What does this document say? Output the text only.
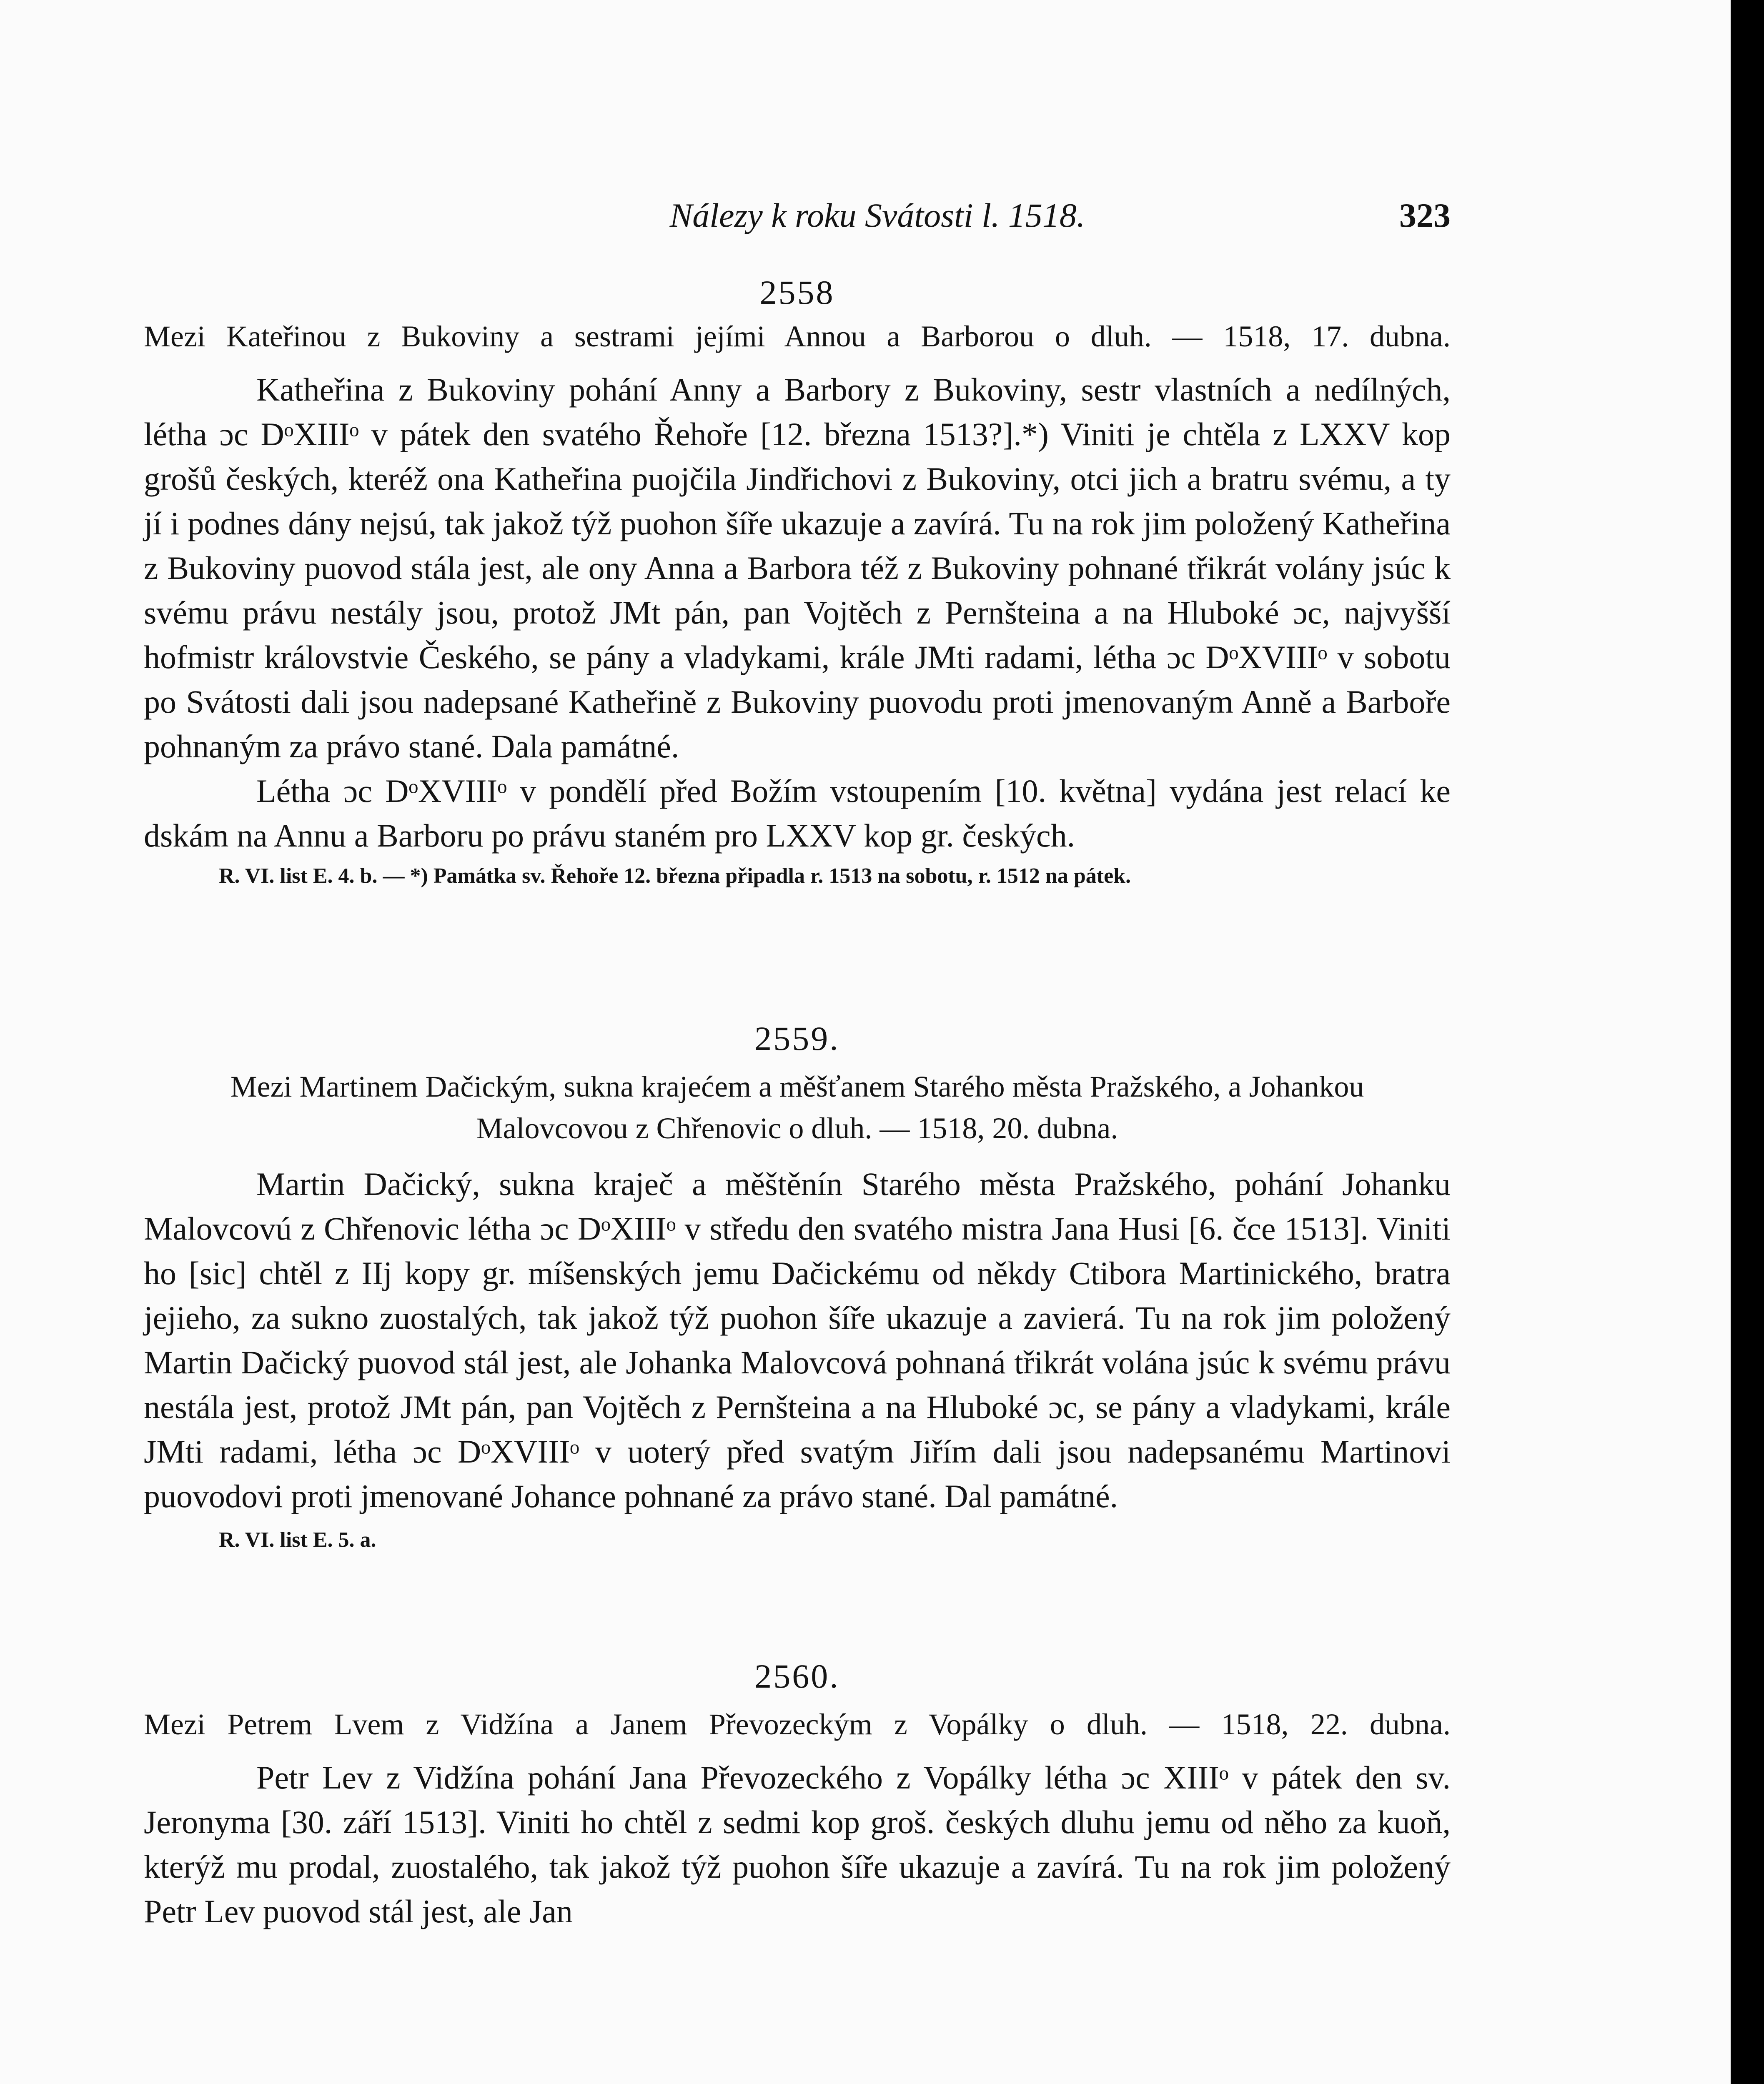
Nálezy k roku Svátosti l. 1518.	323
2558
Mezi Kateřinou z Bukoviny a sestrami jejími Annou a Barborou o dluh. — 1518, 17. dubna.

Katheřina z Bukoviny pohání Anny a Barbory z Bukoviny, sestr vlastních a nedílných, létha ɔc DᵒXIIIᵒ v pátek den svatého Řehoře [12. března 1513?].*) Viniti je chtěla z LXXV kop grošů českých, kteréž ona Katheřina puojčila Jindřichovi z Bukoviny, otci jich a bratru svému, a ty jí i podnes dány nejsú, tak jakož týž puohon šíře ukazuje a zavírá. Tu na rok jim položený Katheřina z Bukoviny puovod stála jest, ale ony Anna a Barbora též z Bukoviny pohnané třikrát volány jsúc k svému právu nestály jsou, protož JMt pán, pan Vojtěch z Pernšteina a na Hluboké ɔc, najvyšší hofmistr královstvie Českého, se pány a vladykami, krále JMti radami, létha ɔc DᵒXVIIIᵒ v sobotu po Svátosti dali jsou nadepsané Katheřině z Bukoviny puovodu proti jmenovaným Anně a Barboře pohnaným za právo stané. Dala památné.

Létha ɔc DᵒXVIIIᵒ v pondělí před Božím vstoupením [10. května] vydána jest relací ke dskám na Annu a Barboru po právu staném pro LXXV kop gr. českých.

R. VI. list E. 4. b. — *) Památka sv. Řehoře 12. března připadla r. 1513 na sobotu, r. 1512 na pátek.
2559.
Mezi Martinem Dačickým, sukna krajećem a měšťanem Starého města Pražského, a Johankou Malovcovou z Chřenovic o dluh. — 1518, 20. dubna.

Martin Dačický, sukna kraječ a měštěnín Starého města Pražského, pohání Johanku Malovcovú z Chřenovic létha ɔc DᵒXIIIᵒ v středu den svatého mistra Jana Husi [6. čce 1513]. Viniti ho [sic] chtěl z IIj kopy gr. míšenských jemu Dačickému od někdy Ctibora Martinického, bratra jejieho, za sukno zuostalých, tak jakož týž puohon šíře ukazuje a zavierá. Tu na rok jim položený Martin Dačický puovod stál jest, ale Johanka Malovcová pohnaná třikrát volána jsúc k svému právu nestála jest, protož JMt pán, pan Vojtěch z Pernšteina a na Hluboké ɔc, se pány a vladykami, krále JMti radami, létha ɔc DᵒXVIIIᵒ v uoterý před svatým Jiřím dali jsou nadepsanému Martinovi puovodovi proti jmenované Johance pohnané za právo stané. Dal památné.

R. VI. list E. 5. a.
2560.
Mezi Petrem Lvem z Vidžína a Janem Převozeckým z Vopálky o dluh. — 1518, 22. dubna.

Petr Lev z Vidžína pohání Jana Převozeckého z Vopálky létha ɔc XIIIᵒ v pátek den sv. Jeronyma [30. září 1513]. Viniti ho chtěl z sedmi kop groš. českých dluhu jemu od něho za kuoň, kterýž mu prodal, zuostalého, tak jakož týž puohon šíře ukazuje a zavírá. Tu na rok jim položený Petr Lev puovod stál jest, ale Jan
